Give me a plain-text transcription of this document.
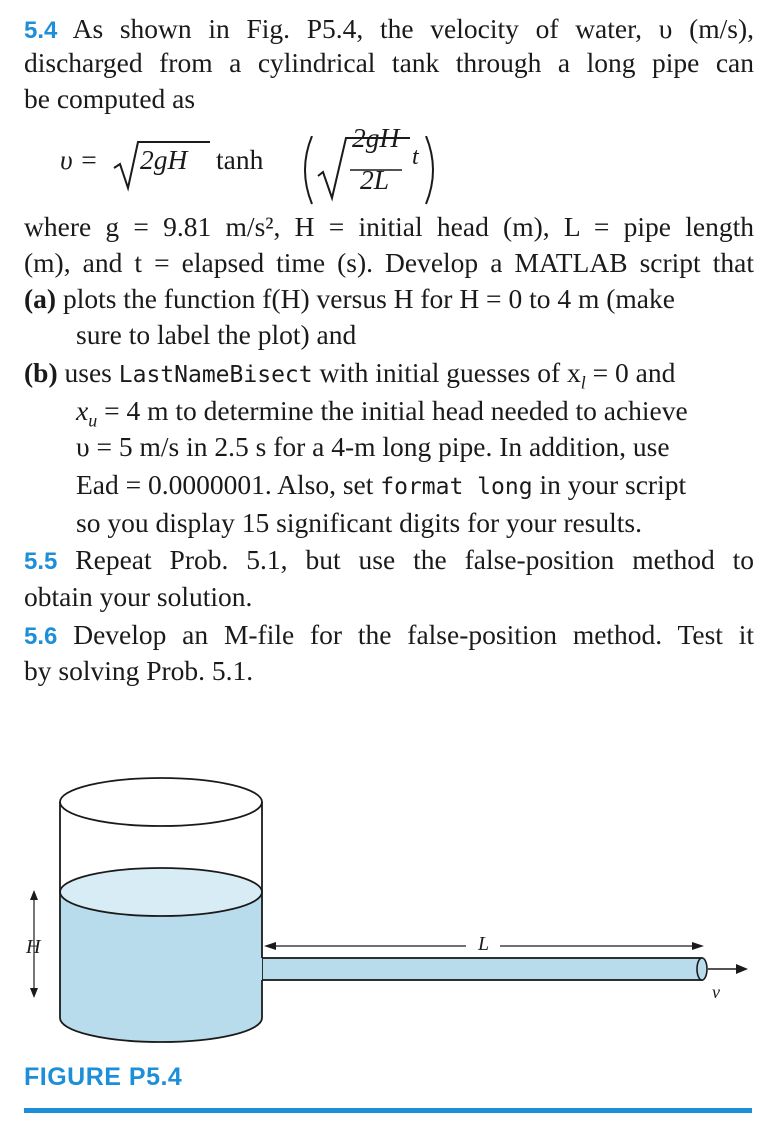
5.4 As shown in Fig. P5.4, the velocity of water, υ (m/s),
discharged from a cylindrical tank through a long pipe can
be computed as
υ = 2gH tanh
2gH
2L
t
where g = 9.81 m/s², H = initial head (m), L = pipe length
(m), and t = elapsed time (s). Develop a MATLAB script that
(a) plots the function f(H) versus H for H = 0 to 4 m (make
sure to label the plot) and
(b) uses LastNameBisect with initial guesses of $x_l = 0$ and
$x_u = 4$ m to determine the initial head needed to achieve
υ = 5 m/s in 2.5 s for a 4-m long pipe. In addition, use
Ead = 0.0000001. Also, set format long in your script
so you display 15 significant digits for your results.
5.5 Repeat Prob. 5.1, but use the false-position method to
obtain your solution.
5.6 Develop an M-file for the false-position method. Test it
by solving Prob. 5.1.
H	L
v
FIGURE P5.4
